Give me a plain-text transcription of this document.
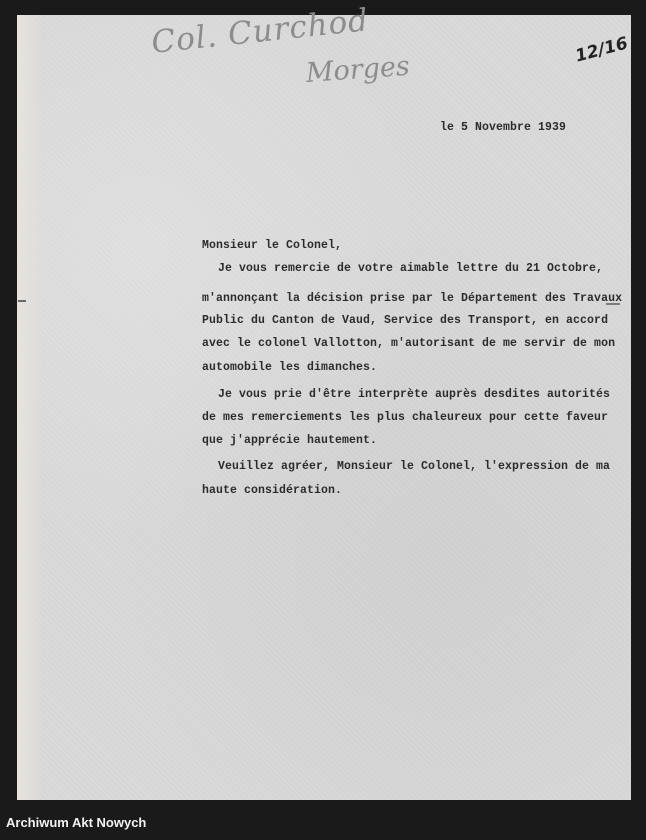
Col. Curchod
Morges
12/16
le 5 Novembre 1939
Monsieur le Colonel,
Je vous remercie de votre aimable lettre du 21 Octobre,
m'annonçant la décision prise par le Département des Travaux
Public du Canton de Vaud, Service des Transport, en accord
avec le colonel Vallotton, m'autorisant de me servir de mon
automobile les dimanches.
Je vous prie d'être interprète auprès desdites autorités
de mes remerciements les plus chaleureux pour cette faveur
que j'apprécie hautement.
Veuillez agréer, Monsieur le Colonel, l'expression de ma
haute considération.
Archiwum Akt Nowych
